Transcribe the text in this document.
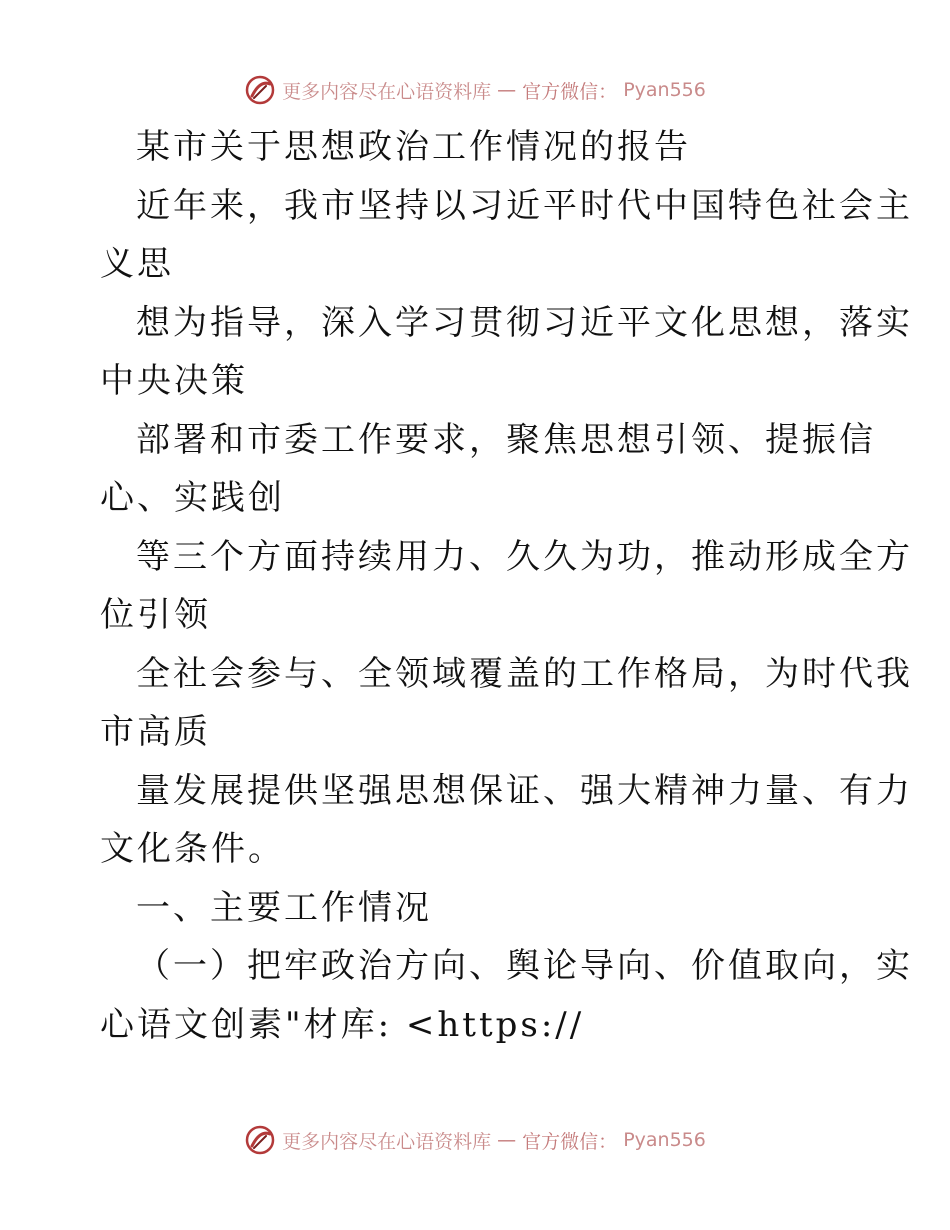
更多内容尽在心语资料库 — 官方微信： Pyan556
某市关于思想政治工作情况的报告
近年来，我市坚持以习近平时代中国特色社会主
义思
想为指导，深入学习贯彻习近平文化思想，落实
中央决策
部署和市委工作要求，聚焦思想引领、提振信
心、实践创
等三个方面持续用力、久久为功，推动形成全方
位引领
全社会参与、全领域覆盖的工作格局，为时代我
市高质
量发展提供坚强思想保证、强大精神力量、有力
文化条件。
一、主要工作情况
（一）把牢政治方向、舆论导向、价值取向，实
心语文创素"材库: <https://
更多内容尽在心语资料库 — 官方微信： Pyan556
